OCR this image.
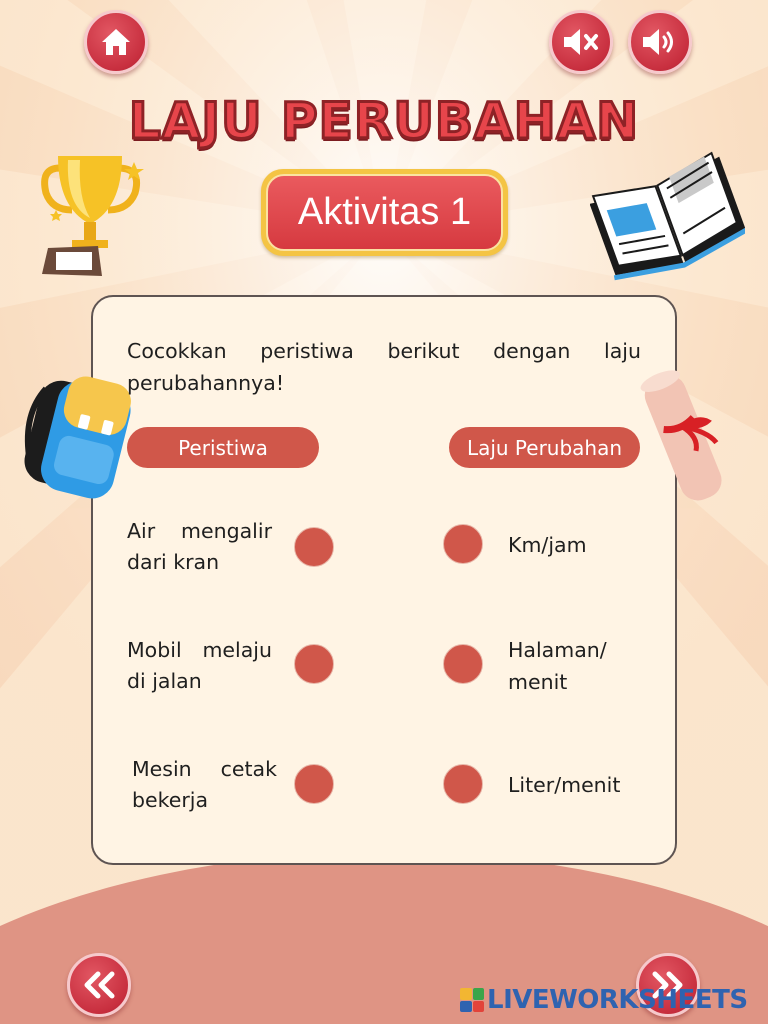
LAJU PERUBAHAN
Aktivitas 1
Cocokkan peristiwa berikut dengan laju perubahannya!
Peristiwa	Laju Perubahan
Air mengalir dari kran
Mobil melaju di jalan
Mesin cetak bekerja
Km/jam
Halaman/ menit
Liter/menit
LIVEWORKSHEETS
